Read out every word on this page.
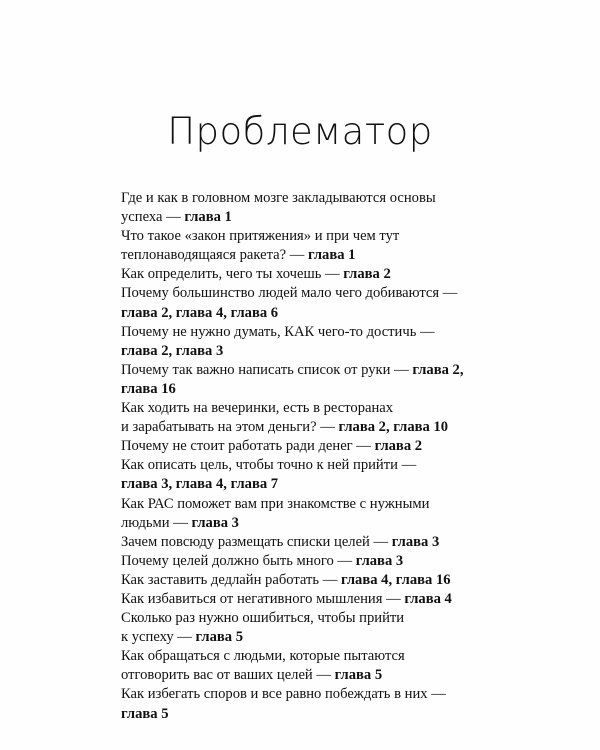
Проблематор
Где и как в головном мозге закладываются основы
успеха — глава 1
Что такое «закон притяжения» и при чем тут
теплонаводящаяся ракета? — глава 1
Как определить, чего ты хочешь — глава 2
Почему большинство людей мало чего добиваются —
глава 2, глава 4, глава 6
Почему не нужно думать, КАК чего-то достичь —
глава 2, глава 3
Почему так важно написать список от руки — глава 2,
глава 16
Как ходить на вечеринки, есть в ресторанах
и зарабатывать на этом деньги? — глава 2, глава 10
Почему не стоит работать ради денег — глава 2
Как описать цель, чтобы точно к ней прийти —
глава 3, глава 4, глава 7
Как РАС поможет вам при знакомстве с нужными
людьми — глава 3
Зачем повсюду размещать списки целей — глава 3
Почему целей должно быть много — глава 3
Как заставить дедлайн работать — глава 4, глава 16
Как избавиться от негативного мышления — глава 4
Сколько раз нужно ошибиться, чтобы прийти
к успеху — глава 5
Как обращаться с людьми, которые пытаются
отговорить вас от ваших целей — глава 5
Как избегать споров и все равно побеждать в них —
глава 5
